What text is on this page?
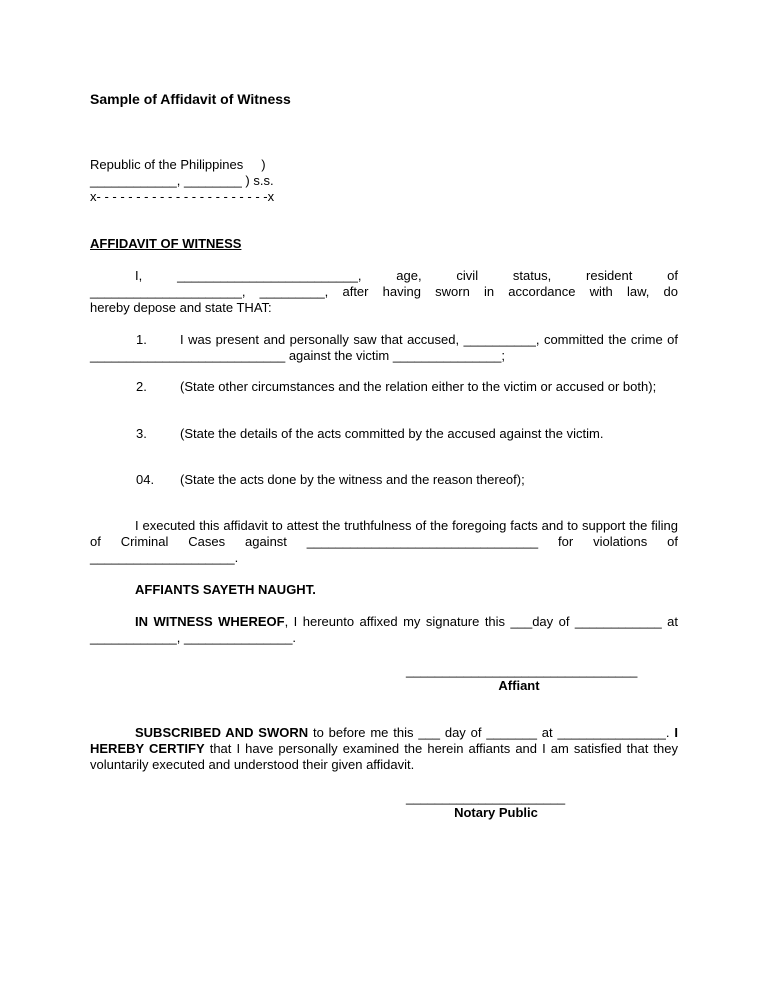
Sample of Affidavit of Witness
Republic of the Philippines     )
____________, ________ ) s.s.
x- - - - - - - - - - - - - - - - - - - - - -x
AFFIDAVIT OF WITNESS
I,    _________________________,    age,    civil    status,    resident    of
_____________________, _________, after having sworn in accordance with law, do
hereby depose and state THAT:
1.	I was present and personally saw that accused, __________, committed the crime of ___________________________ against the victim _______________;
2.	(State other circumstances and the relation either to the victim or accused or both);
3.	(State the details of the acts committed by the accused against the victim.
04.	(State the acts done by the witness and the reason thereof);
I executed this affidavit to attest the truthfulness of the foregoing facts and to support the filing of Criminal Cases against ________________________________ for violations of ____________________.
AFFIANTS SAYETH NAUGHT.
IN WITNESS WHEREOF, I hereunto affixed my signature this ___day of ____________ at ____________, _______________.
________________________________
Affiant
SUBSCRIBED AND SWORN to before me this ___ day of _______ at _______________. I HEREBY CERTIFY that I have personally examined the herein affiants and I am satisfied that they voluntarily executed and understood their given affidavit.
______________________
Notary Public
